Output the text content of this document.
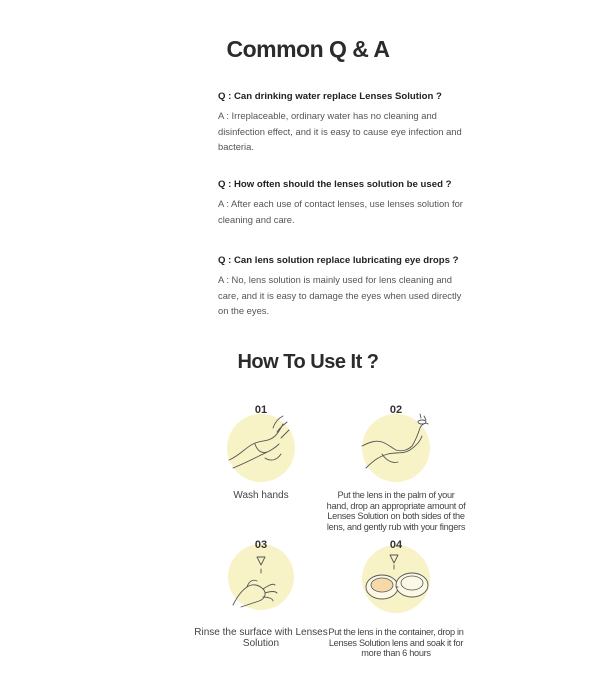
Common Q & A
Q : Can drinking water replace Lenses Solution ?
A : Irreplaceable, ordinary water has no cleaning and disinfection effect, and it is easy to cause eye infection and bacteria.
Q : How often should the lenses solution be used ?
A : After each use of contact lenses, use lenses solution for cleaning and care.
Q : Can lens solution replace lubricating eye drops ?
A : No, lens solution is mainly used for lens cleaning and care, and it is easy to damage the eyes when used directly on the eyes.
How To Use It ?
01
Wash hands
02
Put the lens in the palm of your hand, drop an appropriate amount of Lenses Solution on both sides of the lens, and gently rub with your fingers
03
Rinse the surface with Lenses Solution
04
Put the lens in the container, drop in Lenses Solution lens and soak it for more than 6 hours
